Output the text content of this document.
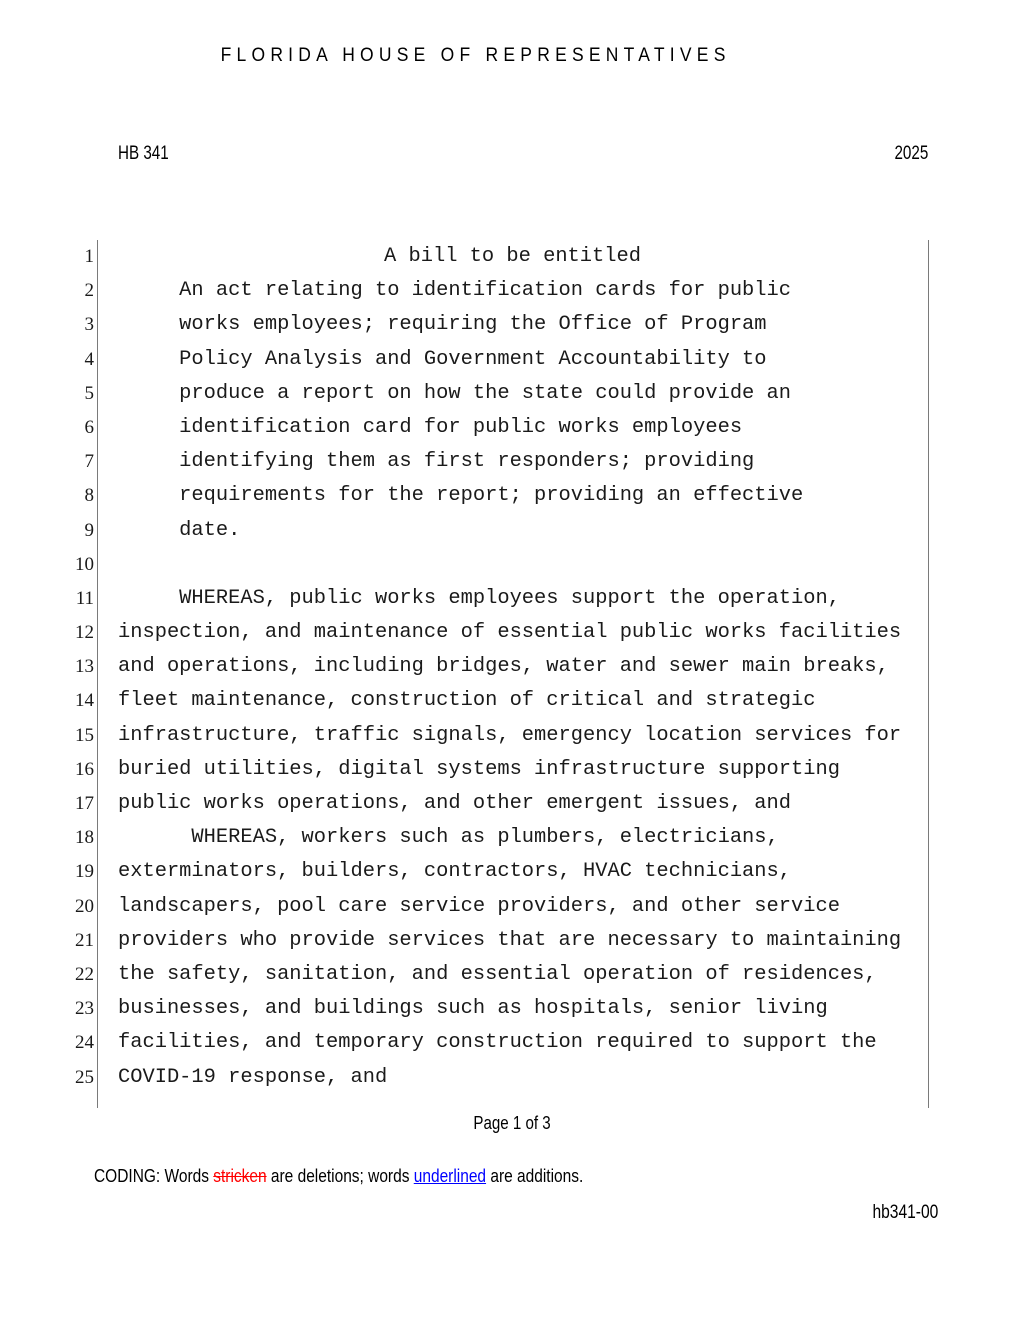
FLORIDA HOUSE OF REPRESENTATIVES
HB 341	2025
1	A bill to be entitled
2 An act relating to identification cards for public
3 works employees; requiring the Office of Program
4 Policy Analysis and Government Accountability to
5 produce a report on how the state could provide an
6 identification card for public works employees
7 identifying them as first responders; providing
8 requirements for the report; providing an effective
9 date.
10
11 WHEREAS, public works employees support the operation,
12 inspection, and maintenance of essential public works facilities
13 and operations, including bridges, water and sewer main breaks,
14 fleet maintenance, construction of critical and strategic
15 infrastructure, traffic signals, emergency location services for
16 buried utilities, digital systems infrastructure supporting
17 public works operations, and other emergent issues, and
18 WHEREAS, workers such as plumbers, electricians,
19 exterminators, builders, contractors, HVAC technicians,
20 landscapers, pool care service providers, and other service
21 providers who provide services that are necessary to maintaining
22 the safety, sanitation, and essential operation of residences,
23 businesses, and buildings such as hospitals, senior living
24 facilities, and temporary construction required to support the
25 COVID-19 response, and
Page 1 of 3
CODING: Words stricken are deletions; words underlined are additions.
hb341-00
